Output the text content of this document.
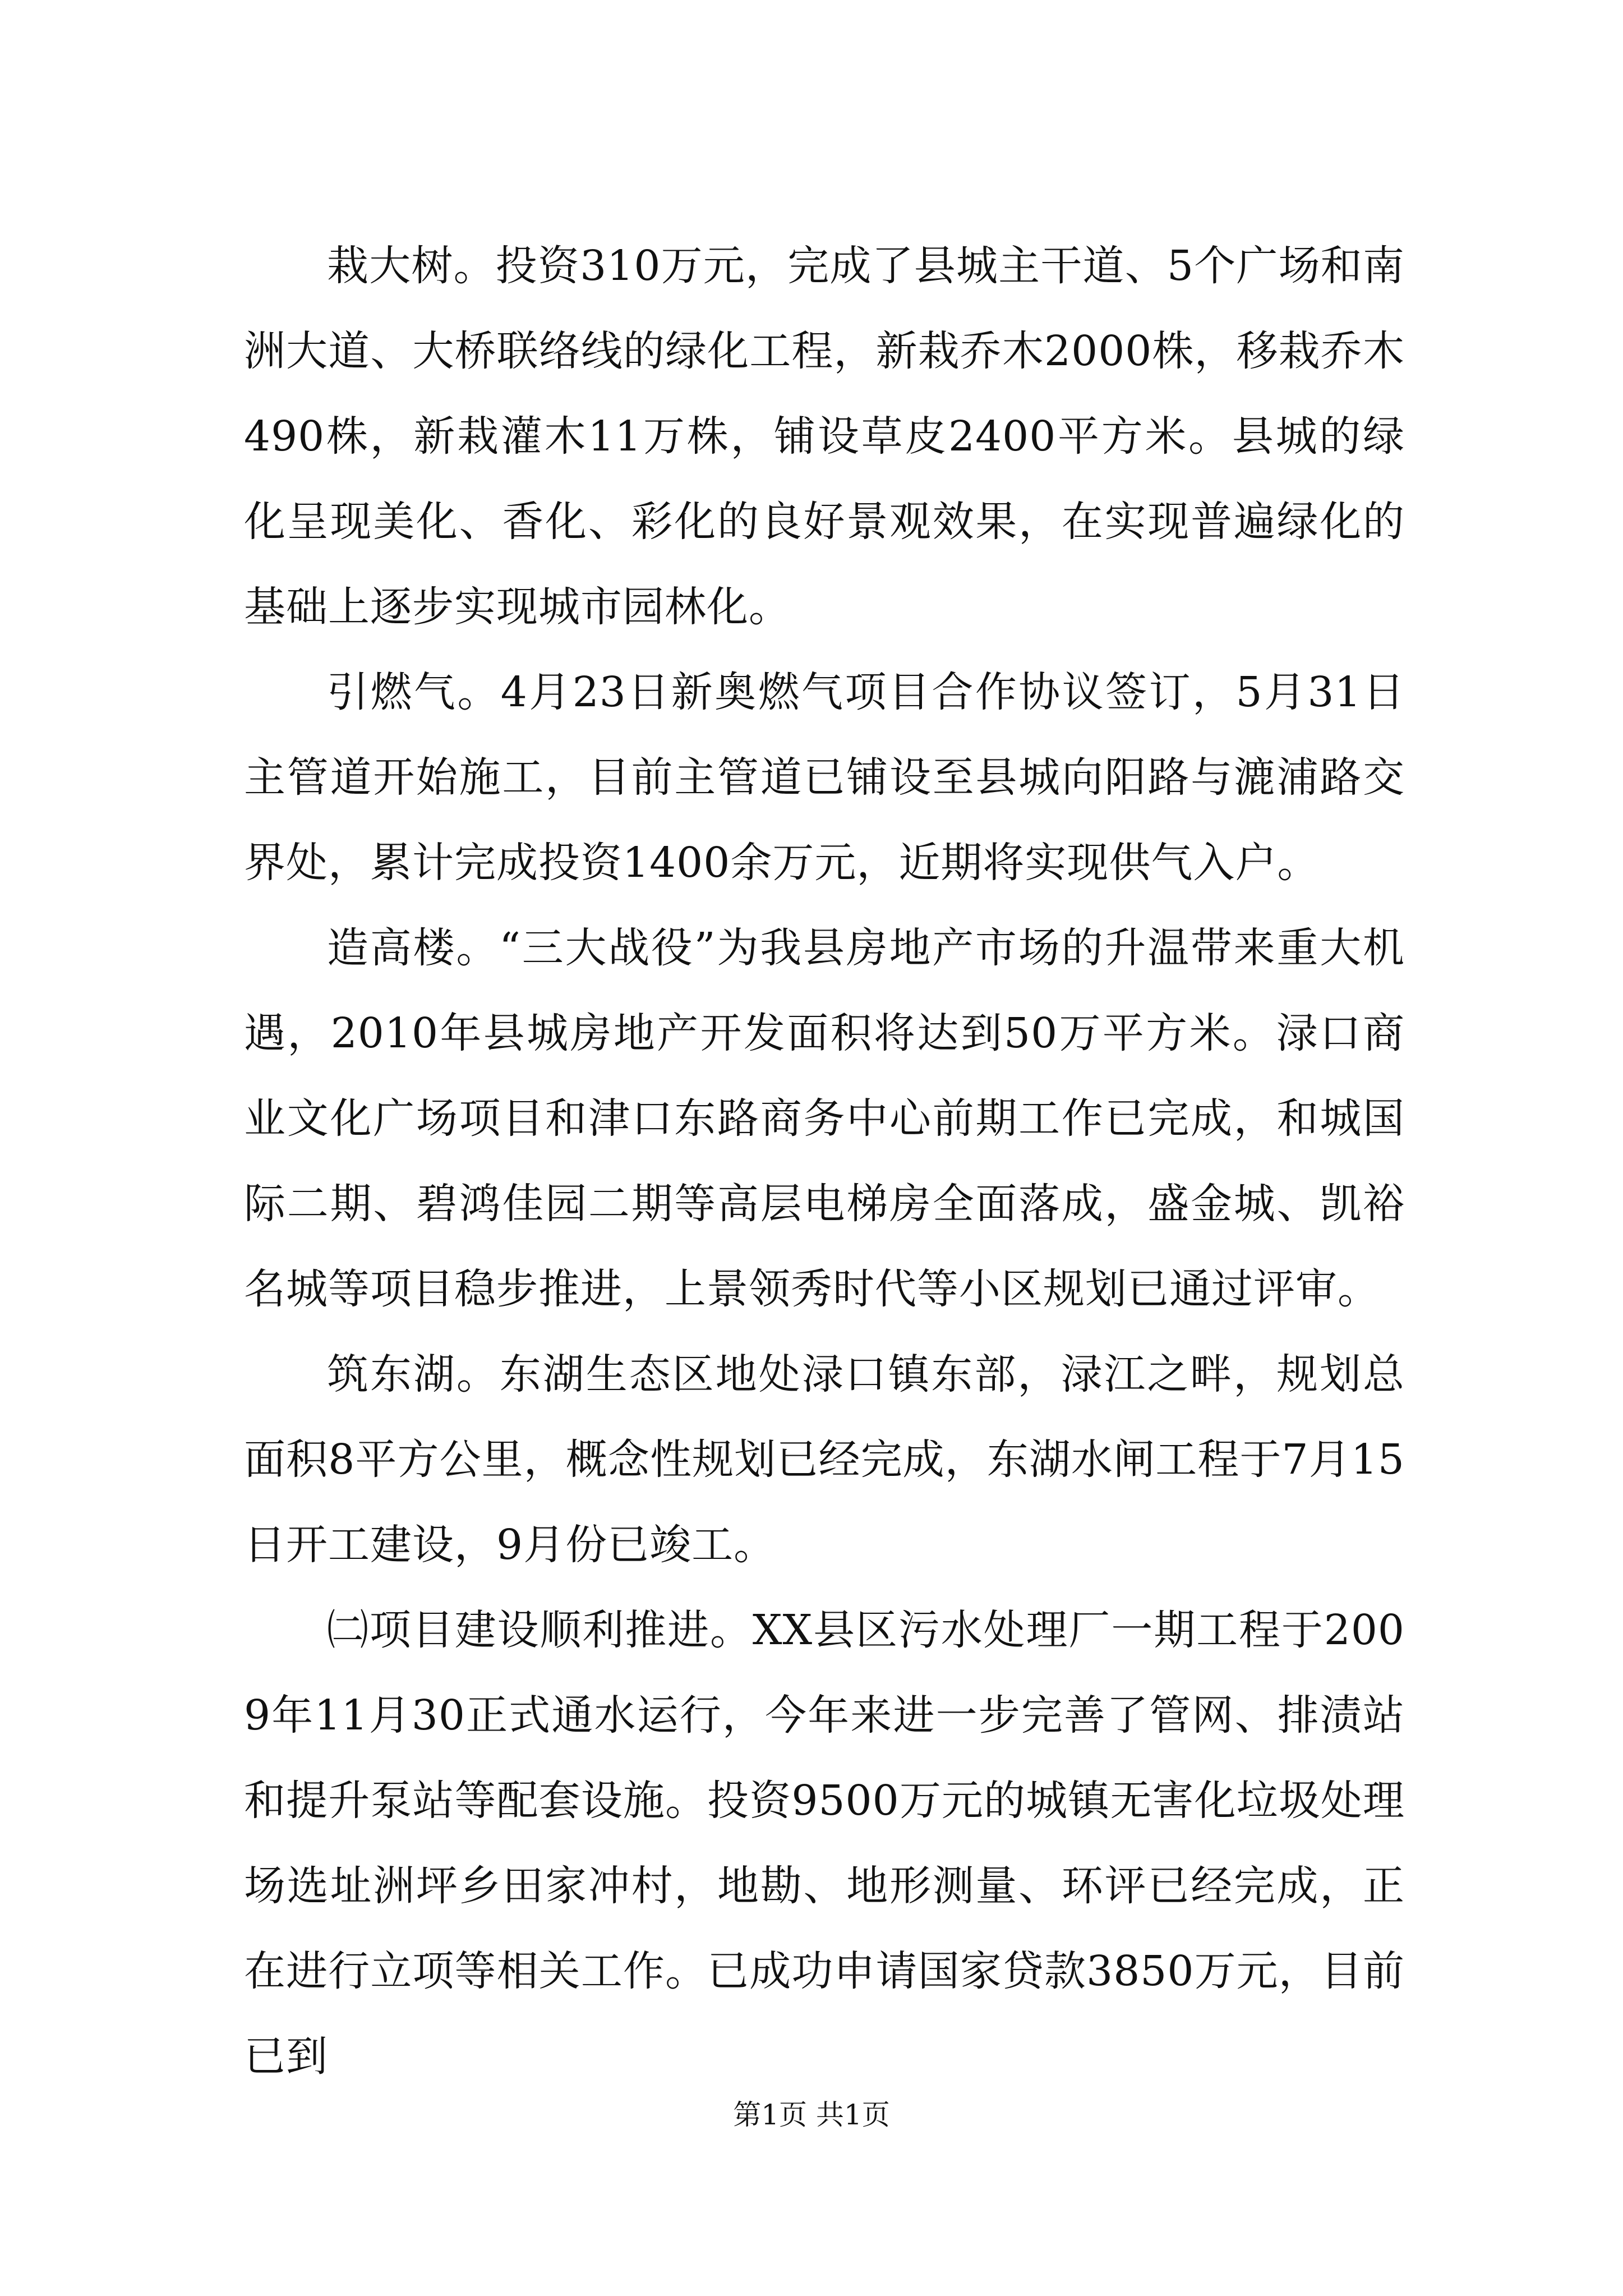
栽大树。投资310万元，完成了县城主干道、5个广场和南洲大道、大桥联络线的绿化工程，新栽乔木2000株，移栽乔木490株，新栽灌木11万株，铺设草皮2400平方米。县城的绿化呈现美化、香化、彩化的良好景观效果，在实现普遍绿化的基础上逐步实现城市园林化。

引燃气。4月23日新奥燃气项目合作协议签订，5月31日主管道开始施工，目前主管道已铺设至县城向阳路与漉浦路交界处，累计完成投资1400余万元，近期将实现供气入户。

造高楼。“三大战役”为我县房地产市场的升温带来重大机遇，2010年县城房地产开发面积将达到50万平方米。渌口商业文化广场项目和津口东路商务中心前期工作已完成，和城国际二期、碧鸿佳园二期等高层电梯房全面落成，盛金城、凯裕名城等项目稳步推进，上景领秀时代等小区规划已通过评审。

筑东湖。东湖生态区地处渌口镇东部，渌江之畔，规划总面积8平方公里，概念性规划已经完成，东湖水闸工程于7月15日开工建设，9月份已竣工。

㈡项目建设顺利推进。XX县区污水处理厂一期工程于2009年11月30正式通水运行，今年来进一步完善了管网、排渍站和提升泵站等配套设施。投资9500万元的城镇无害化垃圾处理场选址洲坪乡田家冲村，地勘、地形测量、环评已经完成，正在进行立项等相关工作。已成功申请国家贷款3850万元，目前已到

第1页 共1页
